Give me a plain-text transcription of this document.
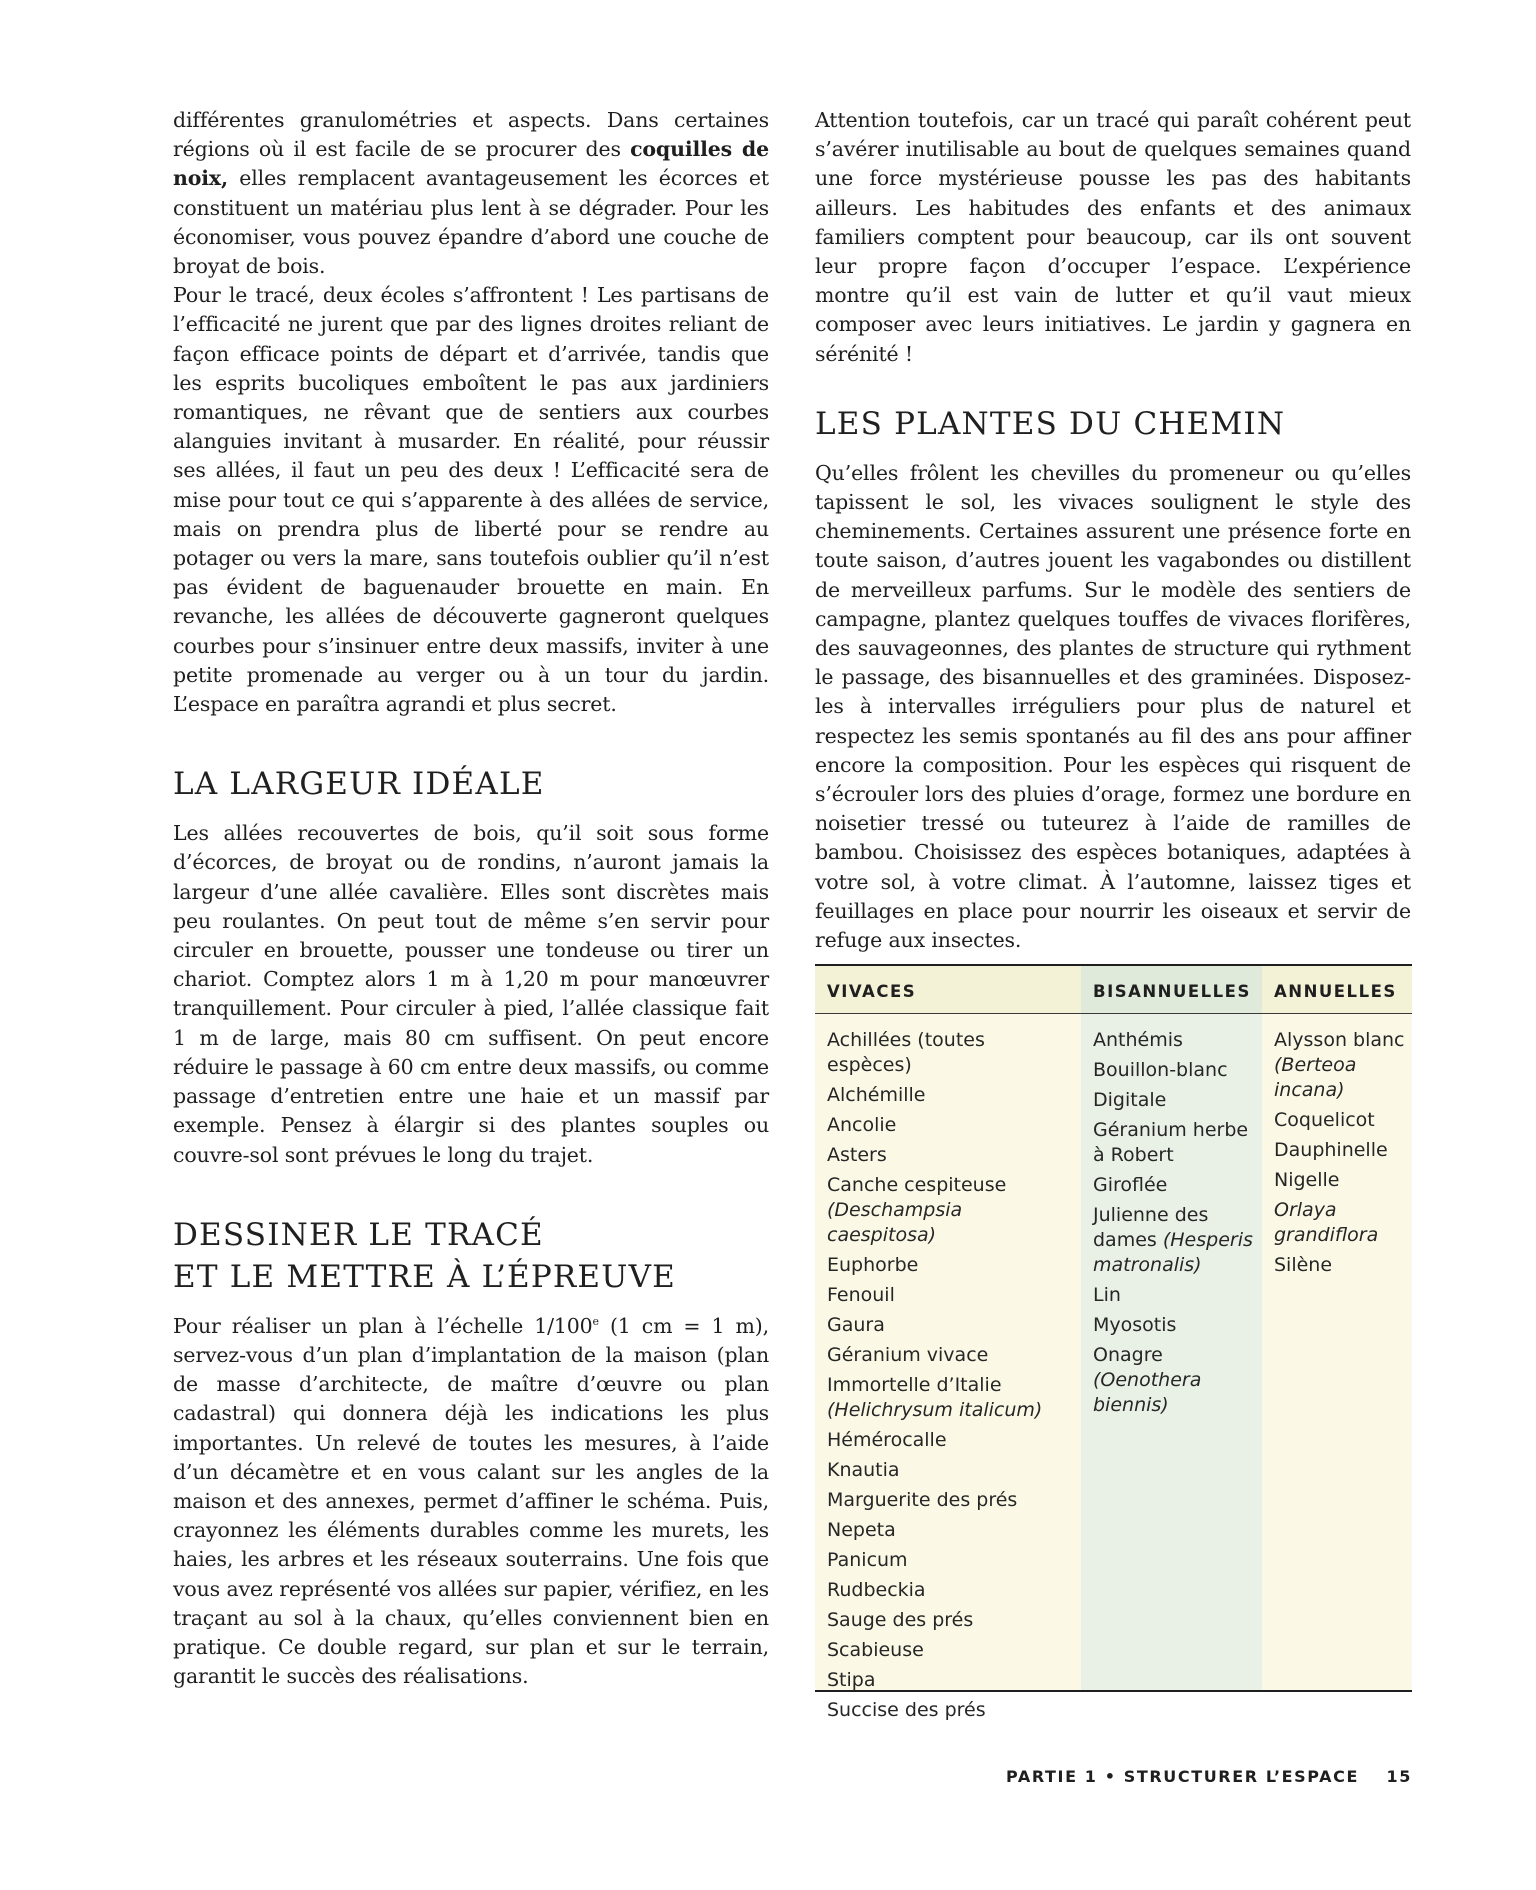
différentes granulométries et aspects. Dans certaines régions où il est facile de se procurer des coquilles de noix, elles remplacent avantageusement les écorces et constituent un matériau plus lent à se dégrader. Pour les économiser, vous pouvez épandre d’abord une couche de broyat de bois.

Pour le tracé, deux écoles s’affrontent ! Les partisans de l’efficacité ne jurent que par des lignes droites reliant de façon efficace points de départ et d’arrivée, tandis que les esprits bucoliques emboîtent le pas aux jardiniers romantiques, ne rêvant que de sentiers aux courbes alanguies invitant à musarder. En réalité, pour réussir ses allées, il faut un peu des deux ! L’efficacité sera de mise pour tout ce qui s’apparente à des allées de service, mais on prendra plus de liberté pour se rendre au potager ou vers la mare, sans toutefois oublier qu’il n’est pas évident de baguenauder brouette en main. En revanche, les allées de découverte gagneront quelques courbes pour s’insinuer entre deux massifs, inviter à une petite promenade au verger ou à un tour du jardin. L’espace en paraîtra agrandi et plus secret.

LA LARGEUR IDÉALE

Les allées recouvertes de bois, qu’il soit sous forme d’écorces, de broyat ou de rondins, n’auront jamais la largeur d’une allée cavalière. Elles sont discrètes mais peu roulantes. On peut tout de même s’en servir pour circuler en brouette, pousser une tondeuse ou tirer un chariot. Comptez alors 1 m à 1,20 m pour manœuvrer tranquillement. Pour circuler à pied, l’allée classique fait 1 m de large, mais 80 cm suffisent. On peut encore réduire le passage à 60 cm entre deux massifs, ou comme passage d’entretien entre une haie et un massif par exemple. Pensez à élargir si des plantes souples ou couvre-sol sont prévues le long du trajet.

DESSINER LE TRACÉ
ET LE METTRE À L’ÉPREUVE

Pour réaliser un plan à l’échelle 1/100e (1 cm = 1 m), servez-vous d’un plan d’implantation de la maison (plan de masse d’architecte, de maître d’œuvre ou plan cadastral) qui donnera déjà les indications les plus importantes. Un relevé de toutes les mesures, à l’aide d’un décamètre et en vous calant sur les angles de la maison et des annexes, permet d’affiner le schéma. Puis, crayonnez les éléments durables comme les murets, les haies, les arbres et les réseaux souterrains. Une fois que vous avez représenté vos allées sur papier, vérifiez, en les traçant au sol à la chaux, qu’elles conviennent bien en pratique. Ce double regard, sur plan et sur le terrain, garantit le succès des réalisations.

Attention toutefois, car un tracé qui paraît cohérent peut s’avérer inutilisable au bout de quelques semaines quand une force mystérieuse pousse les pas des habitants ailleurs. Les habitudes des enfants et des animaux familiers comptent pour beaucoup, car ils ont souvent leur propre façon d’occuper l’espace. L’expérience montre qu’il est vain de lutter et qu’il vaut mieux composer avec leurs initiatives. Le jardin y gagnera en sérénité !

LES PLANTES DU CHEMIN

Qu’elles frôlent les chevilles du promeneur ou qu’elles tapissent le sol, les vivaces soulignent le style des cheminements. Certaines assurent une présence forte en toute saison, d’autres jouent les vagabondes ou distillent de merveilleux parfums. Sur le modèle des sentiers de campagne, plantez quelques touffes de vivaces florifères, des sauvageonnes, des plantes de structure qui rythment le passage, des bisannuelles et des graminées. Disposez-les à intervalles irréguliers pour plus de naturel et respectez les semis spontanés au fil des ans pour affiner encore la composition. Pour les espèces qui risquent de s’écrouler lors des pluies d’orage, formez une bordure en noisetier tressé ou tuteurez à l’aide de ramilles de bambou. Choisissez des espèces botaniques, adaptées à votre sol, à votre climat. À l’automne, laissez tiges et feuillages en place pour nourrir les oiseaux et servir de refuge aux insectes.

VIVACES
Achillées (toutes espèces)
Alchémille
Ancolie
Asters
Canche cespiteuse (Deschampsia caespitosa)
Euphorbe
Fenouil
Gaura
Géranium vivace
Immortelle d’Italie (Helichrysum italicum)
Hémérocalle
Knautia
Marguerite des prés
Nepeta
Panicum
Rudbeckia
Sauge des prés
Scabieuse
Stipa
Succise des prés
BISANNUELLES
Anthémis
Bouillon-blanc
Digitale
Géranium herbe à Robert
Giroflée
Julienne des dames (Hesperis matronalis)
Lin
Myosotis
Onagre (Oenothera biennis)
ANNUELLES
Alysson blanc (Berteoa incana)
Coquelicot
Dauphinelle
Nigelle
Orlaya grandiflora
Silène
PARTIE 1 • STRUCTURER L’ESPACE 15
